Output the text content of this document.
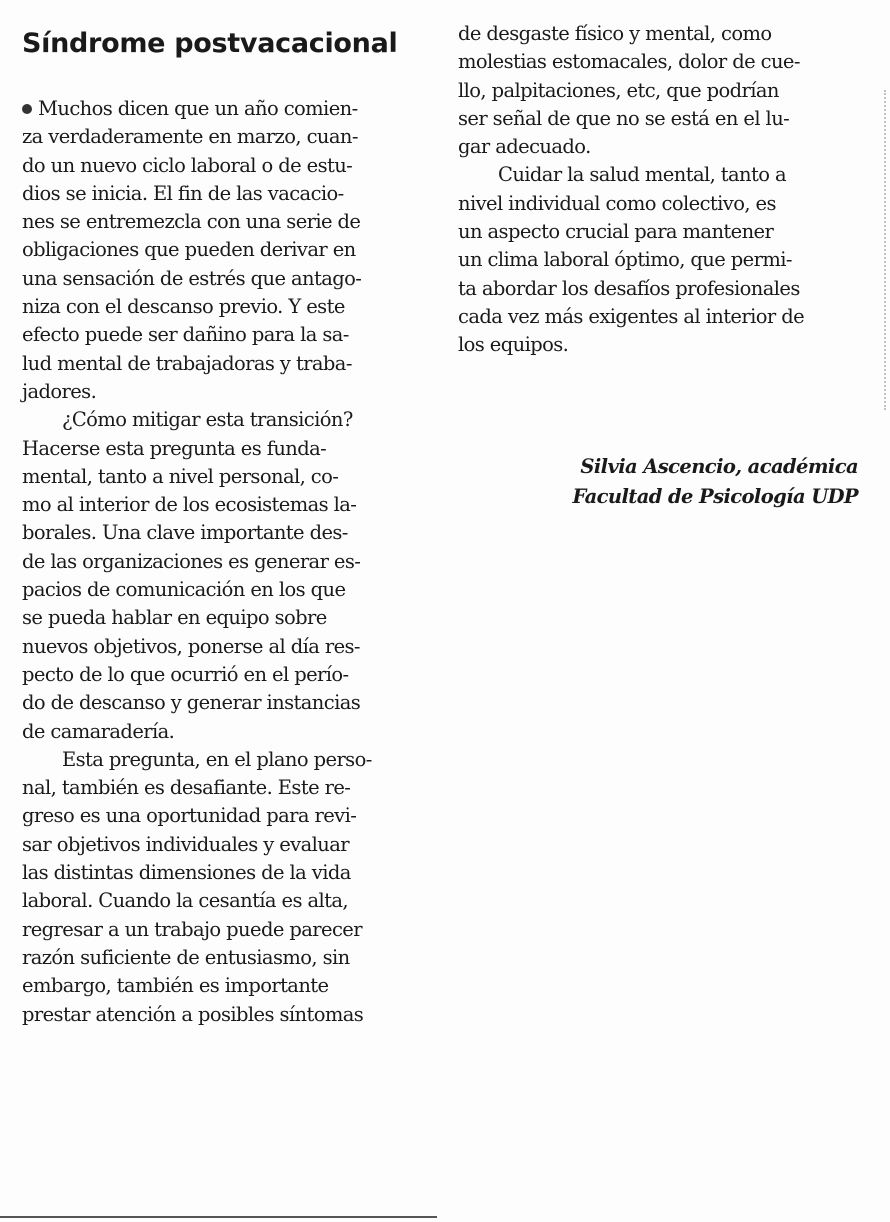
Síndrome postvacacional
Muchos dicen que un año comien-
za verdaderamente en marzo, cuan-
do un nuevo ciclo laboral o de estu-
dios se inicia. El fin de las vacacio-
nes se entremezcla con una serie de
obligaciones que pueden derivar en
una sensación de estrés que antago-
niza con el descanso previo. Y este
efecto puede ser dañino para la sa-
lud mental de trabajadoras y traba-
jadores.
¿Cómo mitigar esta transición?
Hacerse esta pregunta es funda-
mental, tanto a nivel personal, co-
mo al interior de los ecosistemas la-
borales. Una clave importante des-
de las organizaciones es generar es-
pacios de comunicación en los que
se pueda hablar en equipo sobre
nuevos objetivos, ponerse al día res-
pecto de lo que ocurrió en el perío-
do de descanso y generar instancias
de camaradería.
Esta pregunta, en el plano perso-
nal, también es desafiante. Este re-
greso es una oportunidad para revi-
sar objetivos individuales y evaluar
las distintas dimensiones de la vida
laboral. Cuando la cesantía es alta,
regresar a un trabajo puede parecer
razón suficiente de entusiasmo, sin
embargo, también es importante
prestar atención a posibles síntomas
de desgaste físico y mental, como
molestias estomacales, dolor de cue-
llo, palpitaciones, etc, que podrían
ser señal de que no se está en el lu-
gar adecuado.
Cuidar la salud mental, tanto a
nivel individual como colectivo, es
un aspecto crucial para mantener
un clima laboral óptimo, que permi-
ta abordar los desafíos profesionales
cada vez más exigentes al interior de
los equipos.
Silvia Ascencio, académica
Facultad de Psicología UDP
